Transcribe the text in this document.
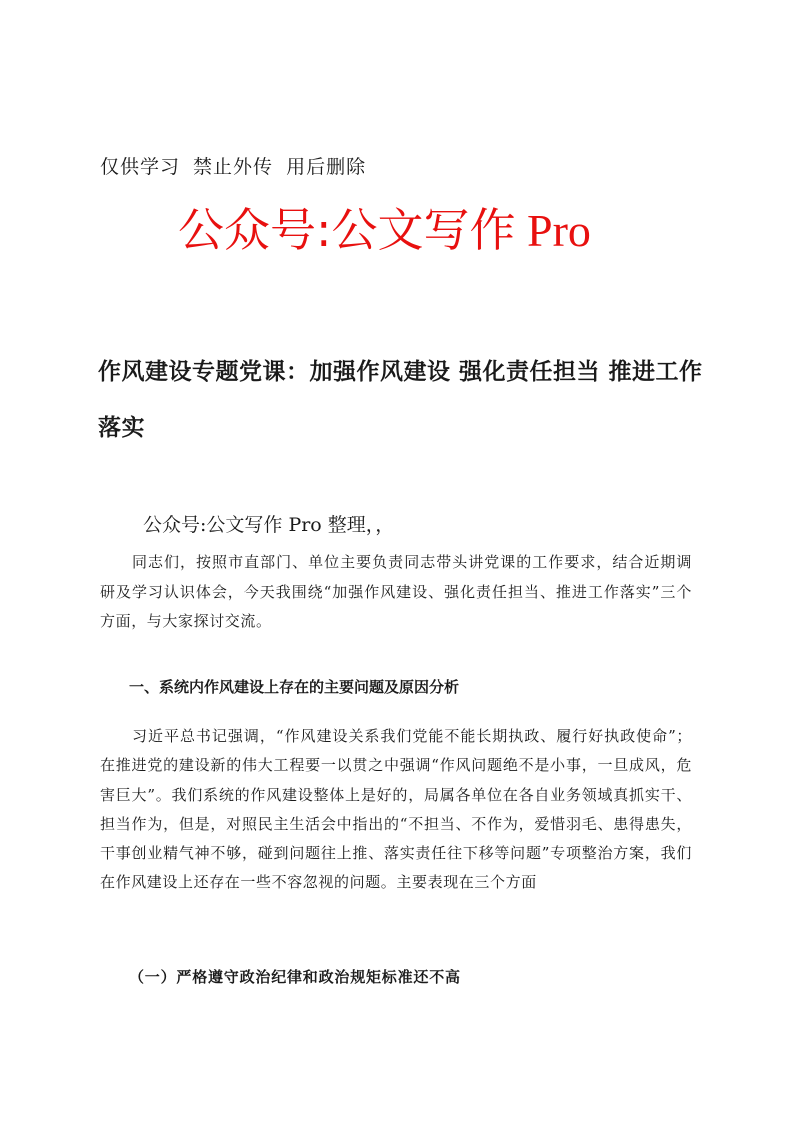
仅供学习 禁止外传 用后删除
公众号:公文写作 Pro
作风建设专题党课：加强作风建设 强化责任担当 推进工作落实
公众号:公文写作 Pro 整理，，
同志们，按照市直部门、单位主要负责同志带头讲党课的工作要求，结合近期调研及学习认识体会，今天我围绕“加强作风建设、强化责任担当、推进工作落实”三个方面，与大家探讨交流。
一、系统内作风建设上存在的主要问题及原因分析
习近平总书记强调，“作风建设关系我们党能不能长期执政、履行好执政使命”；在推进党的建设新的伟大工程要一以贯之中强调“作风问题绝不是小事，一旦成风，危害巨大”。我们系统的作风建设整体上是好的，局属各单位在各自业务领域真抓实干、担当作为，但是，对照民主生活会中指出的“不担当、不作为，爱惜羽毛、患得患失，干事创业精气神不够，碰到问题往上推、落实责任往下移等问题”专项整治方案，我们在作风建设上还存在一些不容忽视的问题。主要表现在三个方面
（一）严格遵守政治纪律和政治规矩标准还不高
